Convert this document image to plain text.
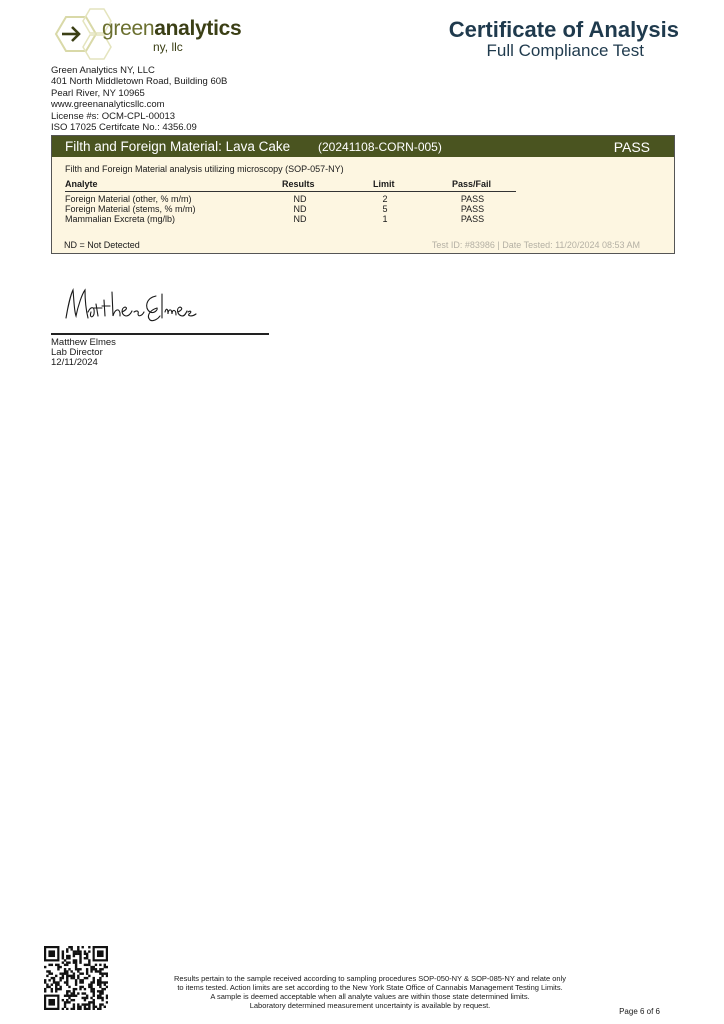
greenanalytics
ny, llc
Certificate of Analysis
Full Compliance Test
Green Analytics NY, LLC
401 North Middletown Road, Building 60B
Pearl River, NY 10965
www.greenanalyticsllc.com
License #s: OCM-CPL-00013
ISO 17025 Certifcate No.: 4356.09
Filth and Foreign Material: Lava Cake (20241108-CORN-005)	PASS
Filth and Foreign Material analysis utilizing microscopy (SOP-057-NY)
Analyte	Results	Limit	Pass/Fail
Foreign Material (other, % m/m)	ND	2	PASS
Foreign Material (stems, % m/m)	ND	5	PASS
Mammalian Excreta (mg/lb)	ND	1	PASS
ND = Not Detected	Test ID: #83986 | Date Tested: 11/20/2024 08:53 AM
Matthew Elmes
Lab Director
12/11/2024
Results pertain to the sample received according to sampling procedures SOP-050-NY & SOP-085-NY and relate only
to items tested. Action limits are set according to the New York State Office of Cannabis Management Testing Limits.
A sample is deemed acceptable when all analyte values are within those state determined limits.
Laboratory determined measurement uncertainty is available by request.
Page 6 of 6
